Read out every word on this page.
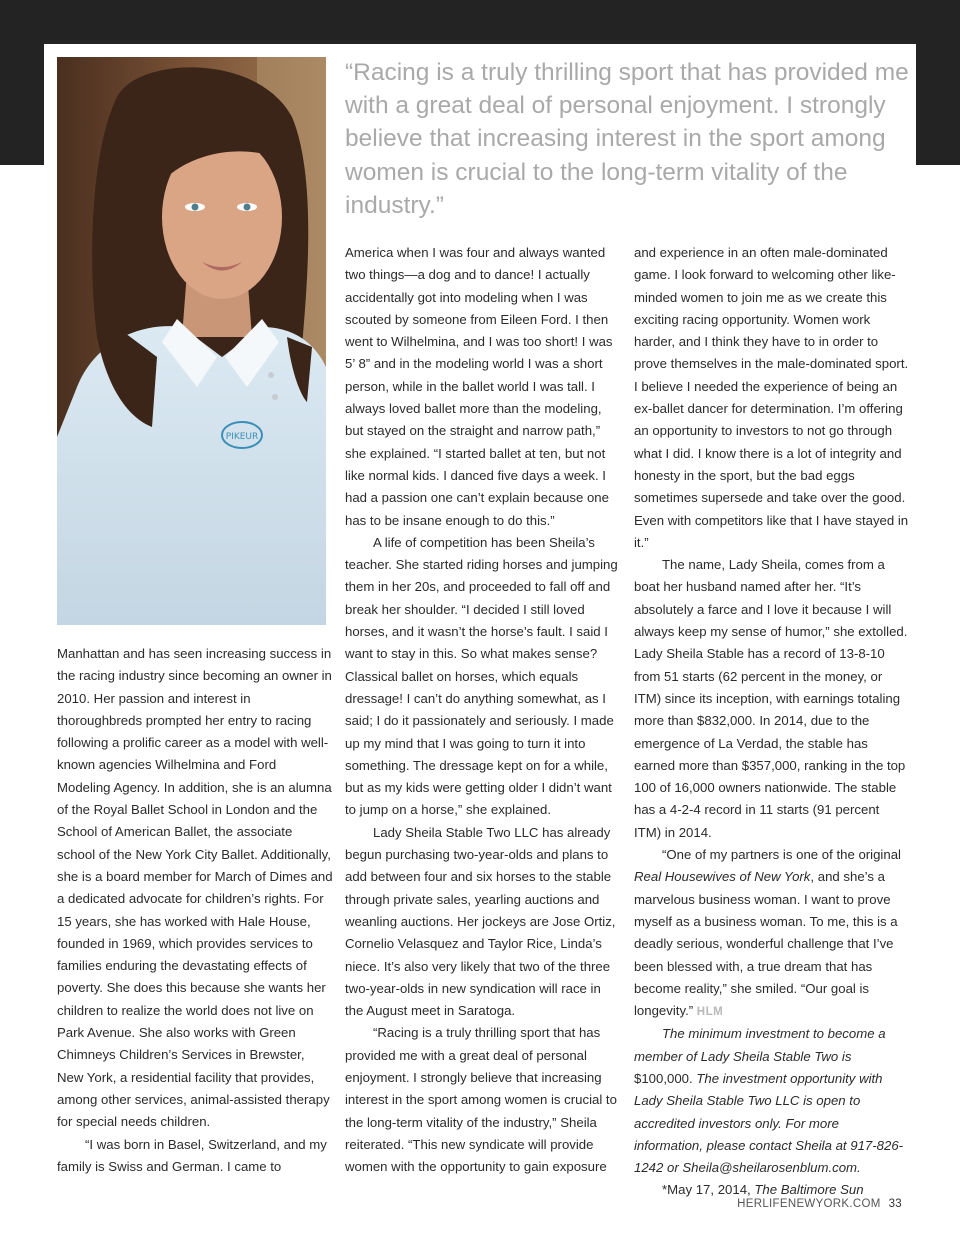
PIKEUR

“Racing is a truly thrilling sport that has provided me with a great deal of personal enjoyment. I strongly believe that increasing interest in the sport among women is crucial to the long-term vitality of the industry.”

Manhattan and has seen increasing success in the racing industry since becoming an owner in 2010. Her passion and interest in thoroughbreds prompted her entry to racing following a prolific career as a model with well-known agencies Wilhelmina and Ford Modeling Agency. In addition, she is an alumna of the Royal Ballet School in London and the School of American Ballet, the associate school of the New York City Ballet. Additionally, she is a board member for March of Dimes and a dedicated advocate for children’s rights. For 15 years, she has worked with Hale House, founded in 1969, which provides services to families enduring the devastating effects of poverty. She does this because she wants her children to realize the world does not live on Park Avenue. She also works with Green Chimneys Children’s Services in Brewster, New York, a residential facility that provides, among other services, animal-assisted therapy for special needs children.

“I was born in Basel, Switzerland, and my family is Swiss and German. I came to

America when I was four and always wanted two things—a dog and to dance! I actually accidentally got into modeling when I was scouted by someone from Eileen Ford. I then went to Wilhelmina, and I was too short! I was 5’ 8” and in the modeling world I was a short person, while in the ballet world I was tall. I always loved ballet more than the modeling, but stayed on the straight and narrow path,” she explained. “I started ballet at ten, but not like normal kids. I danced five days a week. I had a passion one can’t explain because one has to be insane enough to do this.”

A life of competition has been Sheila’s teacher. She started riding horses and jumping them in her 20s, and proceeded to fall off and break her shoulder. “I decided I still loved horses, and it wasn’t the horse’s fault. I said I want to stay in this. So what makes sense? Classical ballet on horses, which equals dressage! I can’t do anything somewhat, as I said; I do it passionately and seriously. I made up my mind that I was going to turn it into something. The dressage kept on for a while, but as my kids were getting older I didn’t want to jump on a horse,” she explained.

Lady Sheila Stable Two LLC has already begun purchasing two-year-olds and plans to add between four and six horses to the stable through private sales, yearling auctions and weanling auctions. Her jockeys are Jose Ortiz, Cornelio Velasquez and Taylor Rice, Linda’s niece. It’s also very likely that two of the three two-year-olds in new syndication will race in the August meet in Saratoga.

“Racing is a truly thrilling sport that has provided me with a great deal of personal enjoyment. I strongly believe that increasing interest in the sport among women is crucial to the long-term vitality of the industry,” Sheila reiterated. “This new syndicate will provide women with the opportunity to gain exposure

and experience in an often male-dominated game. I look forward to welcoming other like-minded women to join me as we create this exciting racing opportunity. Women work harder, and I think they have to in order to prove themselves in the male-dominated sport. I believe I needed the experience of being an ex-ballet dancer for determination. I’m offering an opportunity to investors to not go through what I did. I know there is a lot of integrity and honesty in the sport, but the bad eggs sometimes supersede and take over the good. Even with competitors like that I have stayed in it.”

The name, Lady Sheila, comes from a boat her husband named after her. “It’s absolutely a farce and I love it because I will always keep my sense of humor,” she extolled. Lady Sheila Stable has a record of 13-8-10 from 51 starts (62 percent in the money, or ITM) since its inception, with earnings totaling more than $832,000. In 2014, due to the emergence of La Verdad, the stable has earned more than $357,000, ranking in the top 100 of 16,000 owners nationwide. The stable has a 4-2-4 record in 11 starts (91 percent ITM) in 2014.

“One of my partners is one of the original Real Housewives of New York, and she’s a marvelous business woman. I want to prove myself as a business woman. To me, this is a deadly serious, wonderful challenge that I’ve been blessed with, a true dream that has become reality,” she smiled. “Our goal is longevity.” HLM

The minimum investment to become a member of Lady Sheila Stable Two is $100,000. The investment opportunity with Lady Sheila Stable Two LLC is open to accredited investors only. For more information, please contact Sheila at 917-826-1242 or Sheila@sheilarosenblum.com.

*May 17, 2014, The Baltimore Sun

HERLIFENEWYORK.COM 33
